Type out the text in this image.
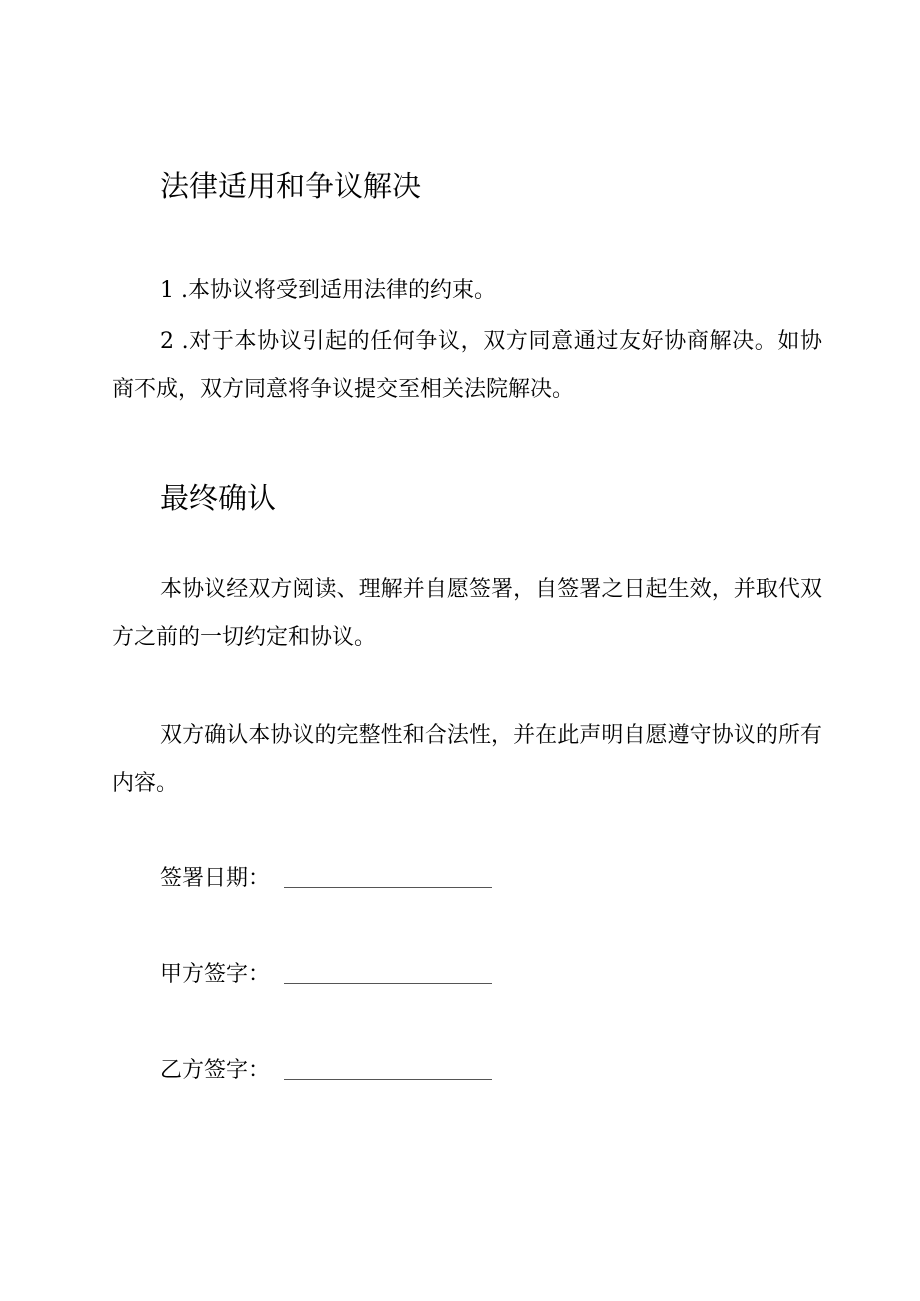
法律适用和争议解决
1 .本协议将受到适用法律的约束。

2 .对于本协议引起的任何争议，双方同意通过友好协商解决。如协商不成，双方同意将争议提交至相关法院解决。

最终确认

本协议经双方阅读、理解并自愿签署，自签署之日起生效，并取代双方之前的一切约定和协议。

双方确认本协议的完整性和合法性，并在此声明自愿遵守协议的所有内容。

签署日期：
甲方签字：
乙方签字：
